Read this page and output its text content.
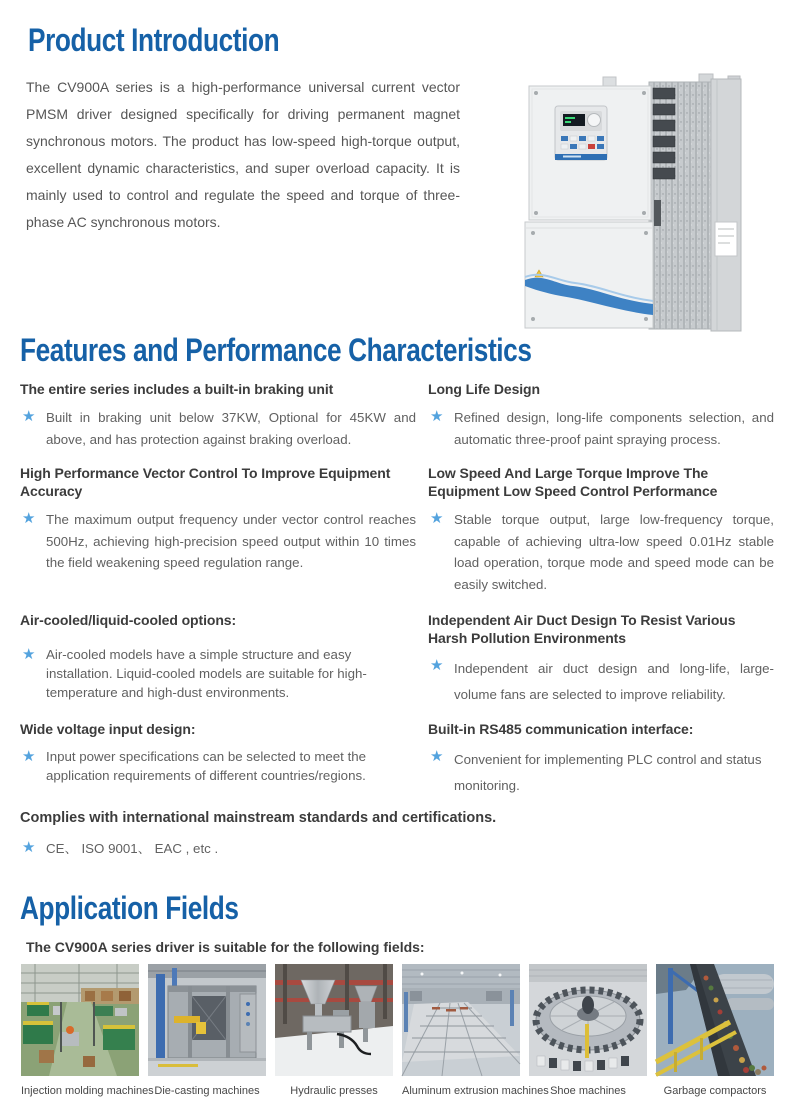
Product Introduction

The CV900A series is a high-performance universal current vector PMSM driver designed specifically for driving permanent magnet synchronous motors. The product has low-speed high-torque output, excellent dynamic characteristics, and super overload capacity. It is mainly used to control and regulate the speed and torque of three-phase AC synchronous motors.

Features and Performance Characteristics
The entire series includes a built-in braking unit
★ Built in braking unit below 37KW, Optional for 45KW and above, and has protection against braking overload.

Long Life Design
★ Refined design, long-life components selection, and automatic three-proof paint spraying process.

High Performance Vector Control To Improve Equipment Accuracy
★ The maximum output frequency under vector control reaches 500Hz, achieving high-precision speed output within 10 times the field weakening speed regulation range.

Low Speed And Large Torque Improve The Equipment Low Speed Control Performance
★ Stable torque output, large low-frequency torque, capable of achieving ultra-low speed 0.01Hz stable load operation, torque mode and speed mode can be easily switched.

Air-cooled/liquid-cooled options:
★ Air-cooled models have a simple structure and easy installation. Liquid-cooled models are suitable for high-temperature and high-dust environments.

Independent Air Duct Design To Resist Various Harsh Pollution Environments
★ Independent air duct design and long-life, large-volume fans are selected to improve reliability.

Wide voltage input design:
★ Input power specifications can be selected to meet the application requirements of different countries/regions.

Built-in RS485 communication interface:
★ Convenient for implementing PLC control and status monitoring.

Complies with international mainstream standards and certifications.
★ CE、 ISO 9001、 EAC , etc .

Application Fields

The CV900A series driver is suitable for the following fields:

Injection molding machines Die-casting machines	Hydraulic presses	Aluminum extrusion machines Shoe machines	Garbage compactors
